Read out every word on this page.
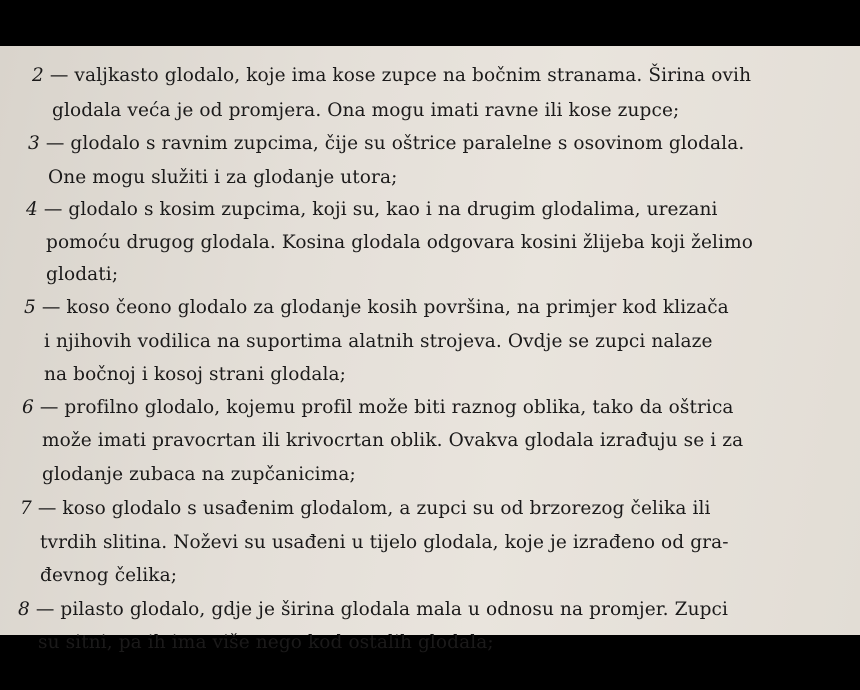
2 — valjkasto glodalo, koje ima kose zupce na bočnim stranama. Širina ovih
glodala veća je od promjera. Ona mogu imati ravne ili kose zupce;
3 — glodalo s ravnim zupcima, čije su oštrice paralelne s osovinom glodala.
One mogu služiti i za glodanje utora;
4 — glodalo s kosim zupcima, koji su, kao i na drugim glodalima, urezani
pomoću drugog glodala. Kosina glodala odgovara kosini žlijeba koji želimo
glodati;
5 — koso čeono glodalo za glodanje kosih površina, na primjer kod klizača
i njihovih vodilica na suportima alatnih strojeva. Ovdje se zupci nalaze
na bočnoj i kosoj strani glodala;
6 — profilno glodalo, kojemu profil može biti raznog oblika, tako da oštrica
može imati pravocrtan ili krivocrtan oblik. Ovakva glodala izrađuju se i za
glodanje zubaca na zupčanicima;
7 — koso glodalo s usađenim glodalom, a zupci su od brzorezog čelika ili
tvrdih slitina. Noževi su usađeni u tijelo glodala, koje je izrađeno od gra-
đevnog čelika;
8 — pilasto glodalo, gdje je širina glodala mala u odnosu na promjer. Zupci
su sitni, pa ih ima više nego kod ostalih glodala;
